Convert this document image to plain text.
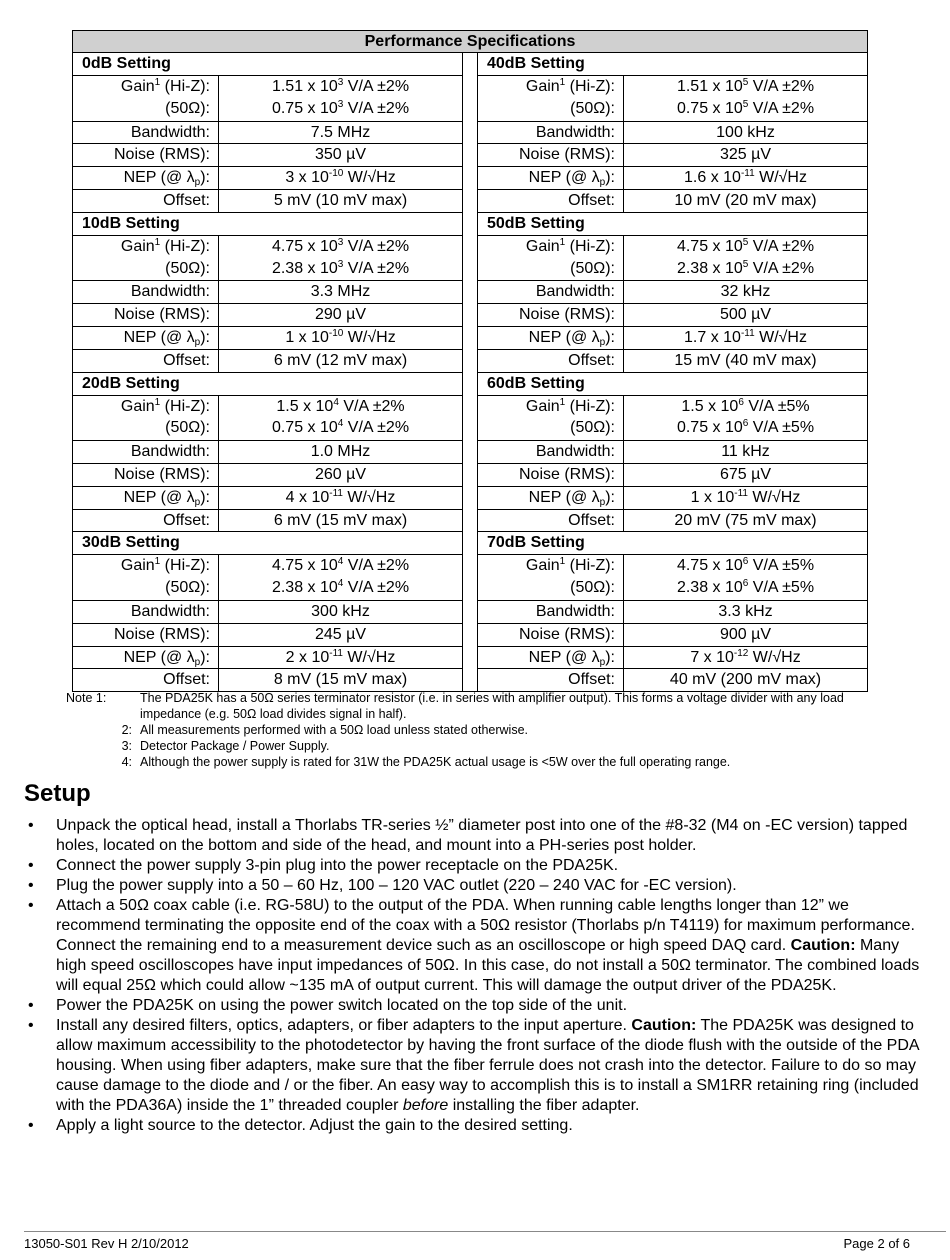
Performance Specifications
0dB Setting
Gain$^1$ (Hi-Z):	1.51 x $10^3$ V/A ±2%
(50Ω):	0.75 x $10^3$ V/A ±2%
Bandwidth:	7.5 MHz
Noise (RMS):	350 µV
NEP (@ $\lambda_p$):	3 x $10^{-10}$ W/√Hz
Offset:	5 mV (10 mV max)
10dB Setting
Gain$^1$ (Hi-Z):	4.75 x $10^3$ V/A ±2%
(50Ω):	2.38 x $10^3$ V/A ±2%
Bandwidth:	3.3 MHz
Noise (RMS):	290 µV
NEP (@ $\lambda_p$):	1 x $10^{-10}$ W/√Hz
Offset:	6 mV (12 mV max)
20dB Setting
Gain$^1$ (Hi-Z):	1.5 x $10^4$ V/A ±2%
(50Ω):	0.75 x $10^4$ V/A ±2%
Bandwidth:	1.0 MHz
Noise (RMS):	260 µV
NEP (@ $\lambda_p$):	4 x $10^{-11}$ W/√Hz
Offset:	6 mV (15 mV max)
30dB Setting
Gain$^1$ (Hi-Z):	4.75 x $10^4$ V/A ±2%
(50Ω):	2.38 x $10^4$ V/A ±2%
Bandwidth:	300 kHz
Noise (RMS):	245 µV
NEP (@ $\lambda_p$):	2 x $10^{-11}$ W/√Hz
Offset:	8 mV (15 mV max)
40dB Setting
Gain$^1$ (Hi-Z):	1.51 x $10^5$ V/A ±2%
(50Ω):	0.75 x $10^5$ V/A ±2%
Bandwidth:	100 kHz
Noise (RMS):	325 µV
NEP (@ $\lambda_p$):	1.6 x $10^{-11}$ W/√Hz
Offset:	10 mV (20 mV max)
50dB Setting
Gain$^1$ (Hi-Z):	4.75 x $10^5$ V/A ±2%
(50Ω):	2.38 x $10^5$ V/A ±2%
Bandwidth:	32 kHz
Noise (RMS):	500 µV
NEP (@ $\lambda_p$):	1.7 x $10^{-11}$ W/√Hz
Offset:	15 mV (40 mV max)
60dB Setting
Gain$^1$ (Hi-Z):	1.5 x $10^6$ V/A ±5%
(50Ω):	0.75 x $10^6$ V/A ±5%
Bandwidth:	11 kHz
Noise (RMS):	675 µV
NEP (@ $\lambda_p$):	1 x $10^{-11}$ W/√Hz
Offset:	20 mV (75 mV max)
70dB Setting
Gain$^1$ (Hi-Z):	4.75 x $10^6$ V/A ±5%
(50Ω):	2.38 x $10^6$ V/A ±5%
Bandwidth:	3.3 kHz
Noise (RMS):	900 µV
NEP (@ $\lambda_p$):	7 x $10^{-12}$ W/√Hz
Offset:	40 mV (200 mV max)
Note 1:	The PDA25K has a 50Ω series terminator resistor (i.e. in series with amplifier output). This forms a voltage divider with any load impedance (e.g. 50Ω load divides signal in half).
2: All measurements performed with a 50Ω load unless stated otherwise.
3: Detector Package / Power Supply.
4: Although the power supply is rated for 31W the PDA25K actual usage is <5W over the full operating range.
Setup
•	Unpack the optical head, install a Thorlabs TR-series ½” diameter post into one of the #8-32 (M4 on -EC version) tapped holes, located on the bottom and side of the head, and mount into a PH-series post holder.
•	Connect the power supply 3-pin plug into the power receptacle on the PDA25K.
•	Plug the power supply into a 50 – 60 Hz, 100 – 120 VAC outlet (220 – 240 VAC for -EC version).
•	Attach a 50Ω coax cable (i.e. RG-58U) to the output of the PDA. When running cable lengths longer than 12” we recommend terminating the opposite end of the coax with a 50Ω resistor (Thorlabs p/n T4119) for maximum performance. Connect the remaining end to a measurement device such as an oscilloscope or high speed DAQ card. Caution: Many high speed oscilloscopes have input impedances of 50Ω. In this case, do not install a 50Ω terminator. The combined loads will equal 25Ω which could allow ~135 mA of output current. This will damage the output driver of the PDA25K.
•	Power the PDA25K on using the power switch located on the top side of the unit.
•	Install any desired filters, optics, adapters, or fiber adapters to the input aperture. Caution: The PDA25K was designed to allow maximum accessibility to the photodetector by having the front surface of the diode flush with the outside of the PDA housing. When using fiber adapters, make sure that the fiber ferrule does not crash into the detector. Failure to do so may cause damage to the diode and / or the fiber. An easy way to accomplish this is to install a SM1RR retaining ring (included with the PDA36A) inside the 1” threaded coupler before installing the fiber adapter.
•	Apply a light source to the detector. Adjust the gain to the desired setting.
13050-S01 Rev H 2/10/2012	Page 2 of 6
